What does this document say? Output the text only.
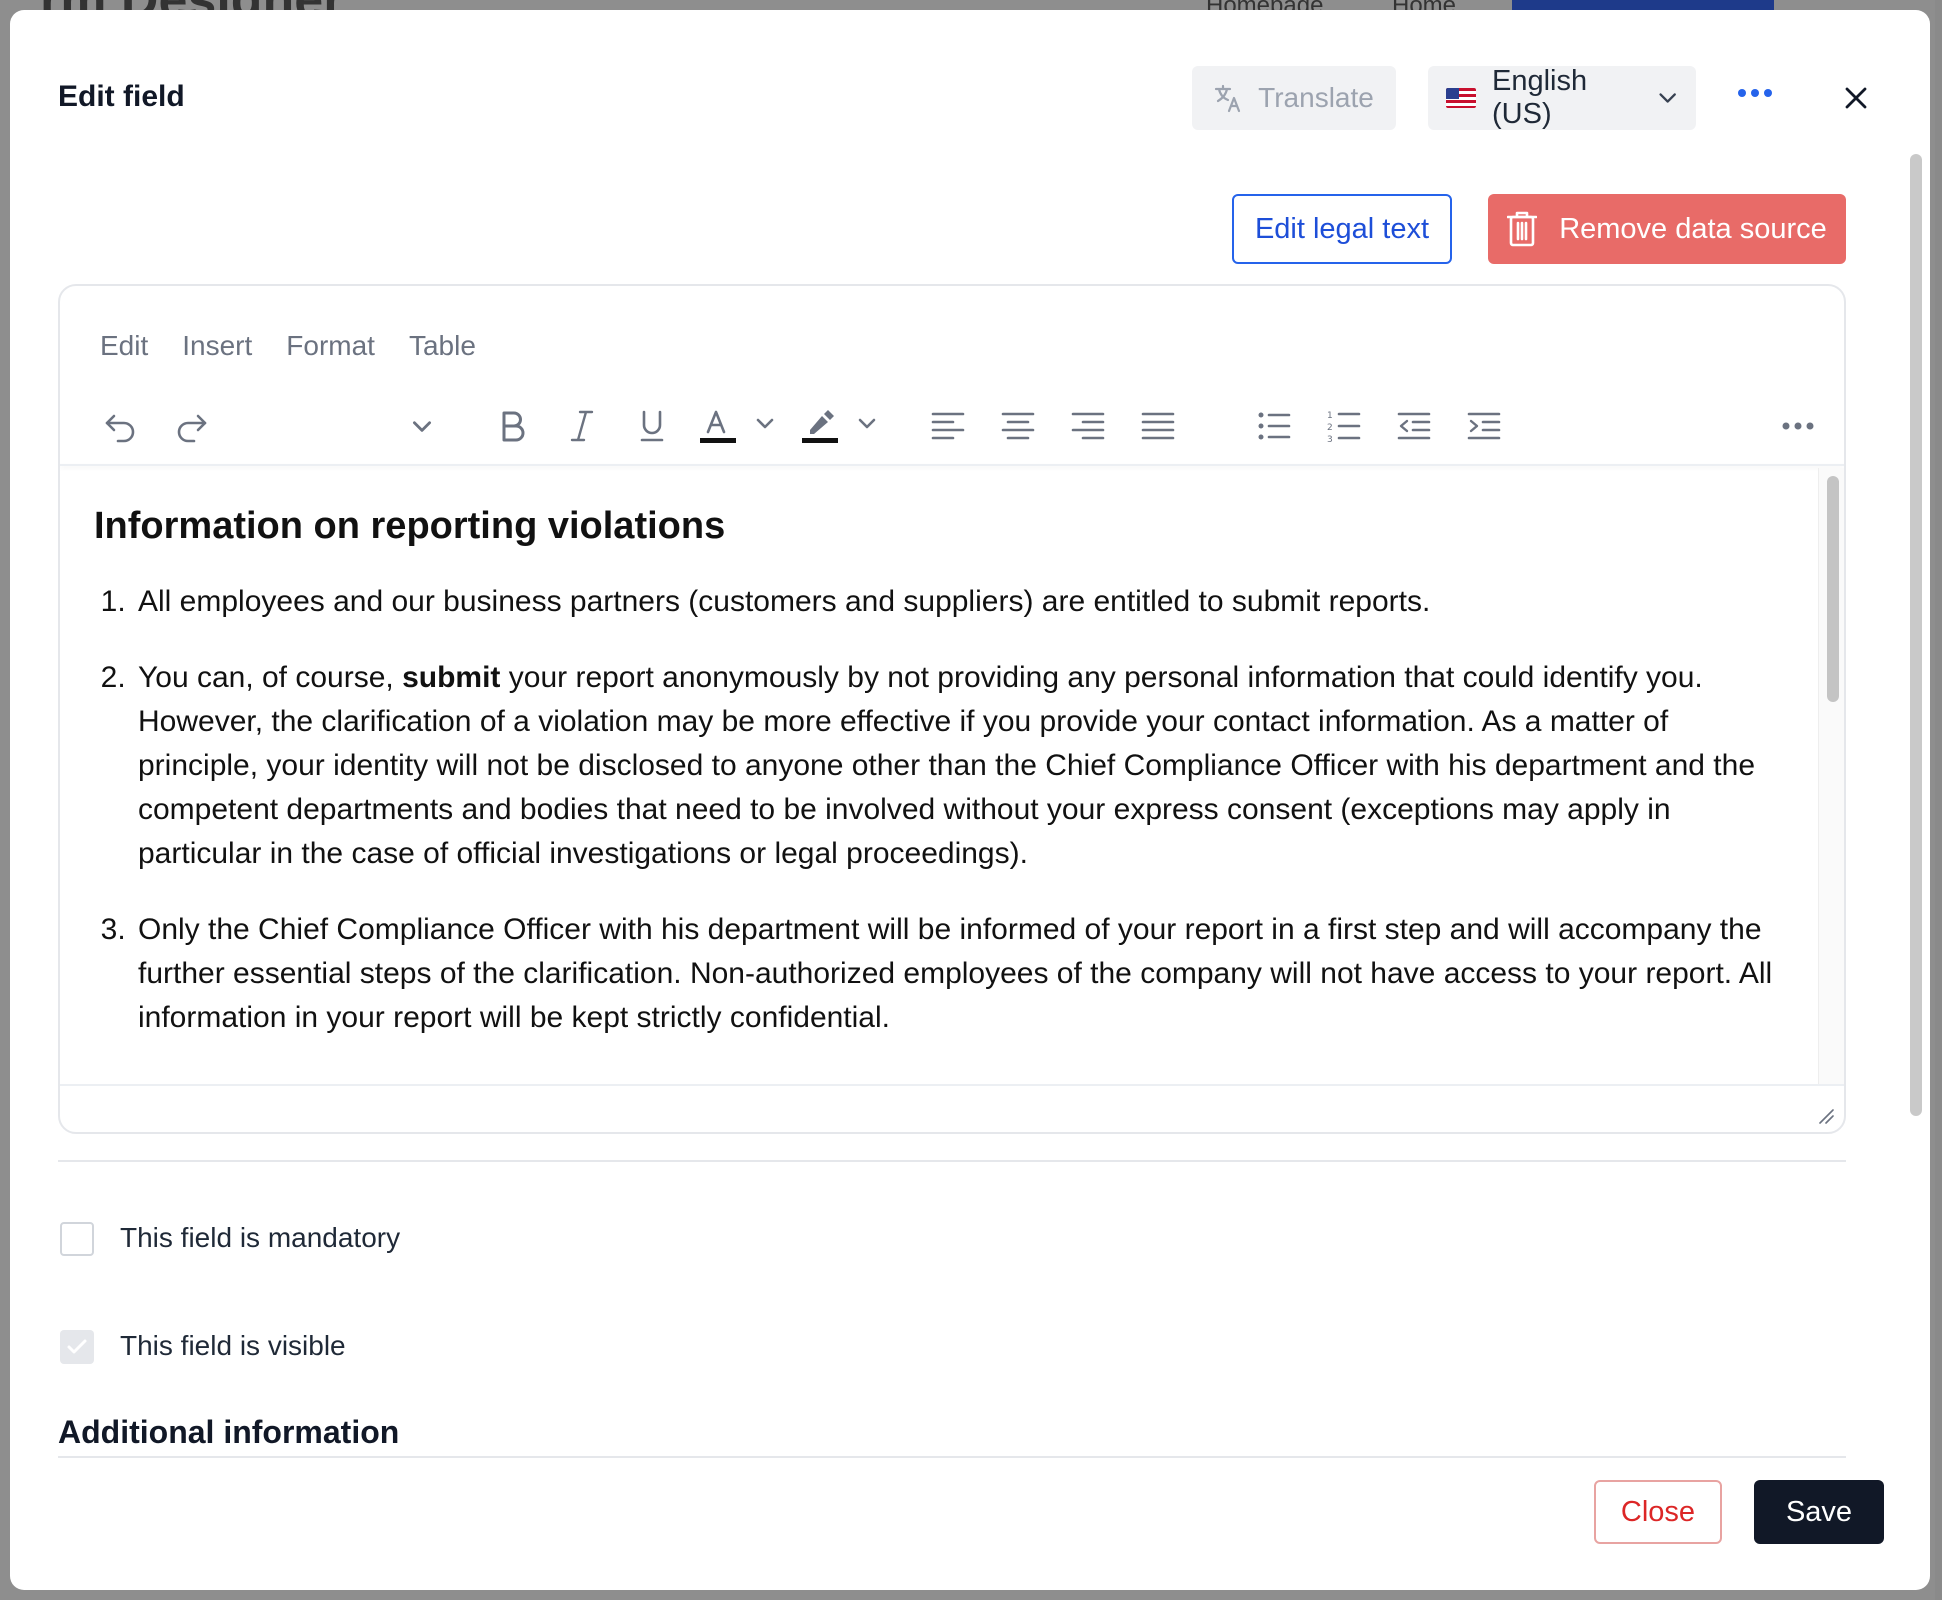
Edit field	Translate
English (US)
Edit legal text	Remove data source
Edit Insert Format Table
1
2
3
Information on reporting violations
1. All employees and our business partners (customers and suppliers) are entitled to submit reports.
2. You can, of course, submit your report anonymously by not providing any personal information that could identify you. However, the clarification of a violation may be more effective if you provide your contact information. As a matter of principle, your identity will not be disclosed to anyone other than the Chief Compliance Officer with his department and the competent departments and bodies that need to be involved without your express consent (exceptions may apply in particular in the case of official investigations or legal proceedings).
3. Only the Chief Compliance Officer with his department will be informed of your report in a first step and will accompany the further essential steps of the clarification. Non-authorized employees of the company will not have access to your report. All information in your report will be kept strictly confidential.
This field is mandatory
This field is visible
Additional information
Close	Save
